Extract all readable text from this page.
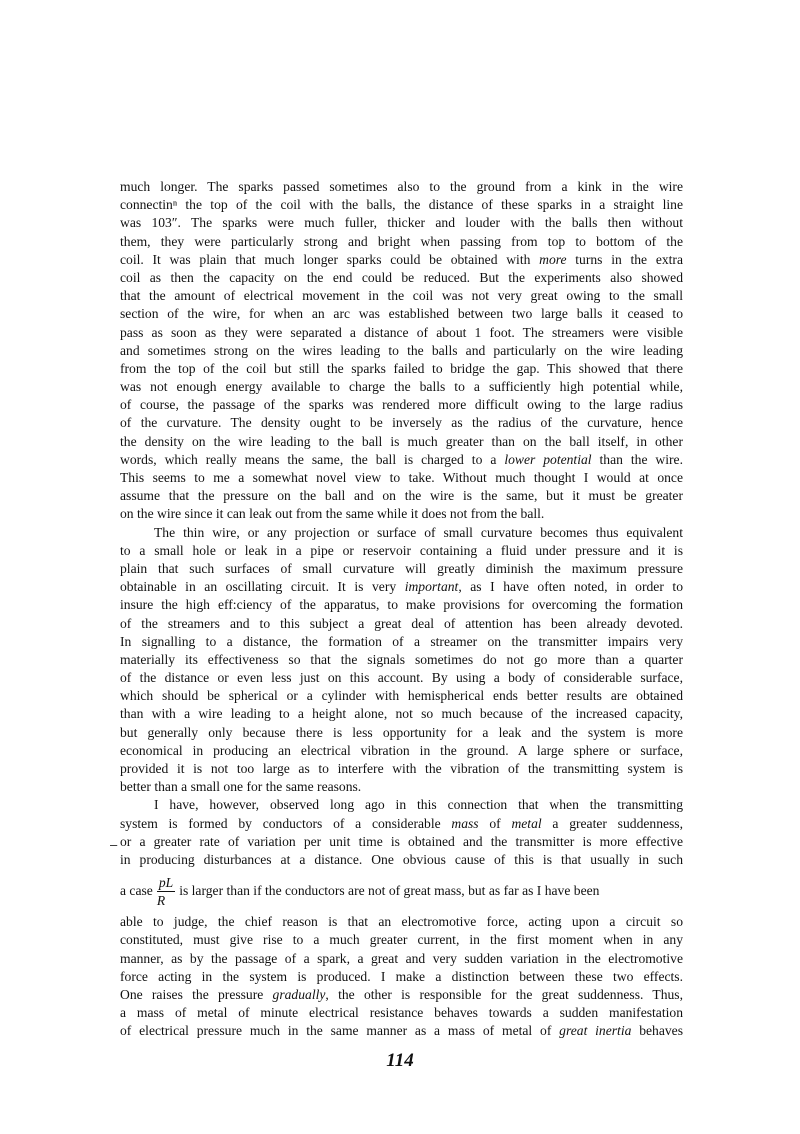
much longer. The sparks passed sometimes also to the ground from a kink in the wire
connectinⁿ the top of the coil with the balls, the distance of these sparks in a straight line
was 103″. The sparks were much fuller, thicker and louder with the balls then without
them, they were particularly strong and bright when passing from top to bottom of the
coil. It was plain that much longer sparks could be obtained with more turns in the extra
coil as then the capacity on the end could be reduced. But the experiments also showed
that the amount of electrical movement in the coil was not very great owing to the small
section of the wire, for when an arc was established between two large balls it ceased to
pass as soon as they were separated a distance of about 1 foot. The streamers were visible
and sometimes strong on the wires leading to the balls and particularly on the wire leading
from the top of the coil but still the sparks failed to bridge the gap. This showed that there
was not enough energy available to charge the balls to a sufficiently high potential while,
of course, the passage of the sparks was rendered more difficult owing to the large radius
of the curvature. The density ought to be inversely as the radius of the curvature, hence
the density on the wire leading to the ball is much greater than on the ball itself, in other
words, which really means the same, the ball is charged to a lower potential than the wire.
This seems to me a somewhat novel view to take. Without much thought I would at once
assume that the pressure on the ball and on the wire is the same, but it must be greater
on the wire since it can leak out from the same while it does not from the ball.
The thin wire, or any projection or surface of small curvature becomes thus equivalent
to a small hole or leak in a pipe or reservoir containing a fluid under pressure and it is
plain that such surfaces of small curvature will greatly diminish the maximum pressure
obtainable in an oscillating circuit. It is very important, as I have often noted, in order to
insure the high eff:ciency of the apparatus, to make provisions for overcoming the formation
of the streamers and to this subject a great deal of attention has been already devoted.
In signalling to a distance, the formation of a streamer on the transmitter impairs very
materially its effectiveness so that the signals sometimes do not go more than a quarter
of the distance or even less just on this account. By using a body of considerable surface,
which should be spherical or a cylinder with hemispherical ends better results are obtained
than with a wire leading to a height alone, not so much because of the increased capacity,
but generally only because there is less opportunity for a leak and the system is more
economical in producing an electrical vibration in the ground. A large sphere or surface,
provided it is not too large as to interfere with the vibration of the transmitting system is
better than a small one for the same reasons.
I have, however, observed long ago in this connection that when the transmitting
system is formed by conductors of a considerable mass of metal a greater suddenness,
or a greater rate of variation per unit time is obtained and the transmitter is more effective
in producing disturbances at a distance. One obvious cause of this is that usually in such
a case $\frac{pL}{R}$ is larger than if the conductors are not of great mass, but as far as I have been
able to judge, the chief reason is that an electromotive force, acting upon a circuit so
constituted, must give rise to a much greater current, in the first moment when in any
manner, as by the passage of a spark, a great and very sudden variation in the electromotive
force acting in the system is produced. I make a distinction between these two effects.
One raises the pressure gradually, the other is responsible for the great suddenness. Thus,
a mass of metal of minute electrical resistance behaves towards a sudden manifestation
of electrical pressure much in the same manner as a mass of metal of great inertia behaves
–
114
